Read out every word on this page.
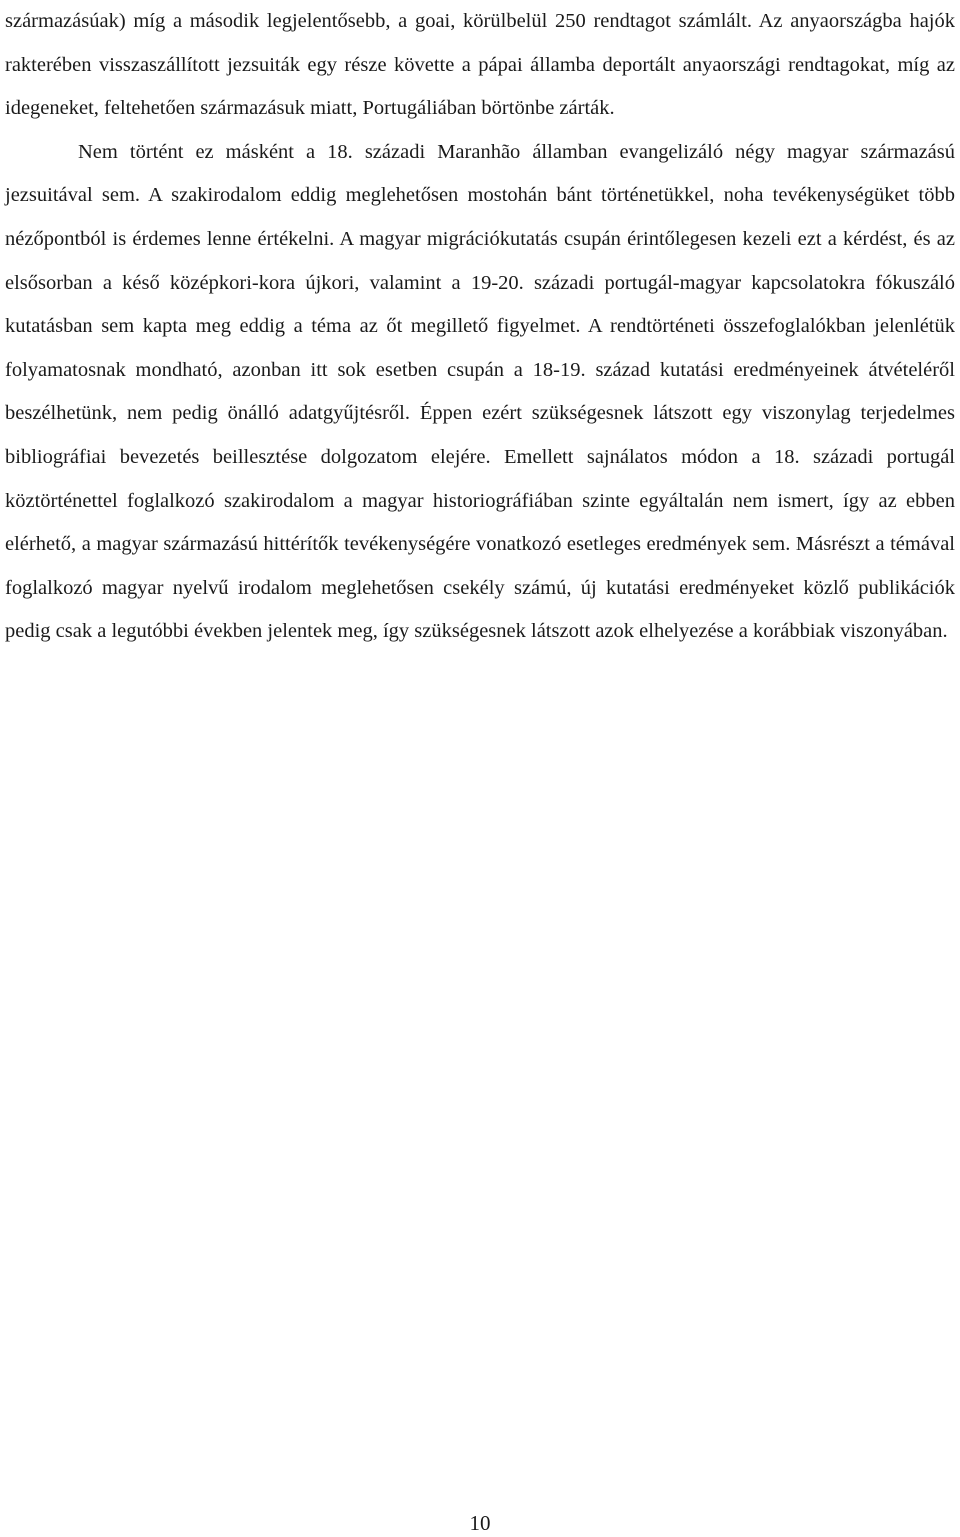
származásúak) míg a második legjelentősebb, a goai, körülbelül 250 rendtagot számlált. Az anyaországba hajók rakterében visszaszállított jezsuiták egy része követte a pápai államba deportált anyaországi rendtagokat, míg az idegeneket, feltehetően származásuk miatt, Portugáliában börtönbe zárták.

Nem történt ez másként a 18. századi Maranhão államban evangelizáló négy magyar származású jezsuitával sem. A szakirodalom eddig meglehetősen mostohán bánt történetükkel, noha tevékenységüket több nézőpontból is érdemes lenne értékelni. A magyar migrációkutatás csupán érintőlegesen kezeli ezt a kérdést, és az elsősorban a késő középkori-kora újkori, valamint a 19-20. századi portugál-magyar kapcsolatokra fókuszáló kutatásban sem kapta meg eddig a téma az őt megillető figyelmet. A rendtörténeti összefoglalókban jelenlétük folyamatosnak mondható, azonban itt sok esetben csupán a 18-19. század kutatási eredményeinek átvételéről beszélhetünk, nem pedig önálló adatgyűjtésről. Éppen ezért szükségesnek látszott egy viszonylag terjedelmes bibliográfiai bevezetés beillesztése dolgozatom elejére. Emellett sajnálatos módon a 18. századi portugál köztörténettel foglalkozó szakirodalom a magyar historiográfiában szinte egyáltalán nem ismert, így az ebben elérhető, a magyar származású hittérítők tevékenységére vonatkozó esetleges eredmények sem. Másrészt a témával foglalkozó magyar nyelvű irodalom meglehetősen csekély számú, új kutatási eredményeket közlő publikációk pedig csak a legutóbbi években jelentek meg, így szükségesnek látszott azok elhelyezése a korábbiak viszonyában.

10
